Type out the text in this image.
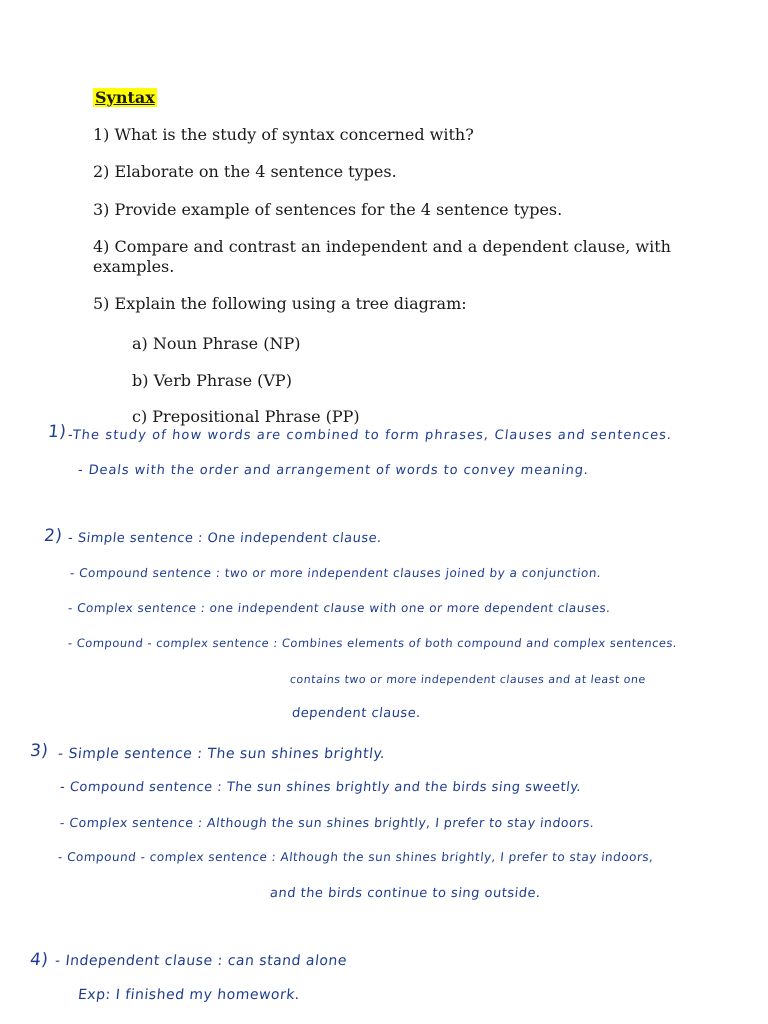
Syntax
1) What is the study of syntax concerned with?
2) Elaborate on the 4 sentence types.
3) Provide example of sentences for the 4 sentence types.
4) Compare and contrast an independent and a dependent clause, with
examples.
5) Explain the following using a tree diagram:
a) Noun Phrase (NP)
b) Verb Phrase (VP)
c) Prepositional Phrase (PP)
1) -The study of how words are combined to form phrases, Clauses and sentences.
- Deals with the order and arrangement of words to convey meaning.
2) - Simple sentence : One independent clause.
- Compound sentence : two or more independent clauses joined by a conjunction.
- Complex sentence : one independent clause with one or more dependent clauses.
- Compound - complex sentence : Combines elements of both compound and complex sentences.
contains two or more independent clauses and at least one
dependent clause.
3) - Simple sentence : The sun shines brightly.
- Compound sentence : The sun shines brightly and the birds sing sweetly.
- Complex sentence : Although the sun shines brightly, I prefer to stay indoors.
- Compound - complex sentence : Although the sun shines brightly, I prefer to stay indoors,
and the birds continue to sing outside.
4) - Independent clause : can stand alone
Exp: I finished my homework.
